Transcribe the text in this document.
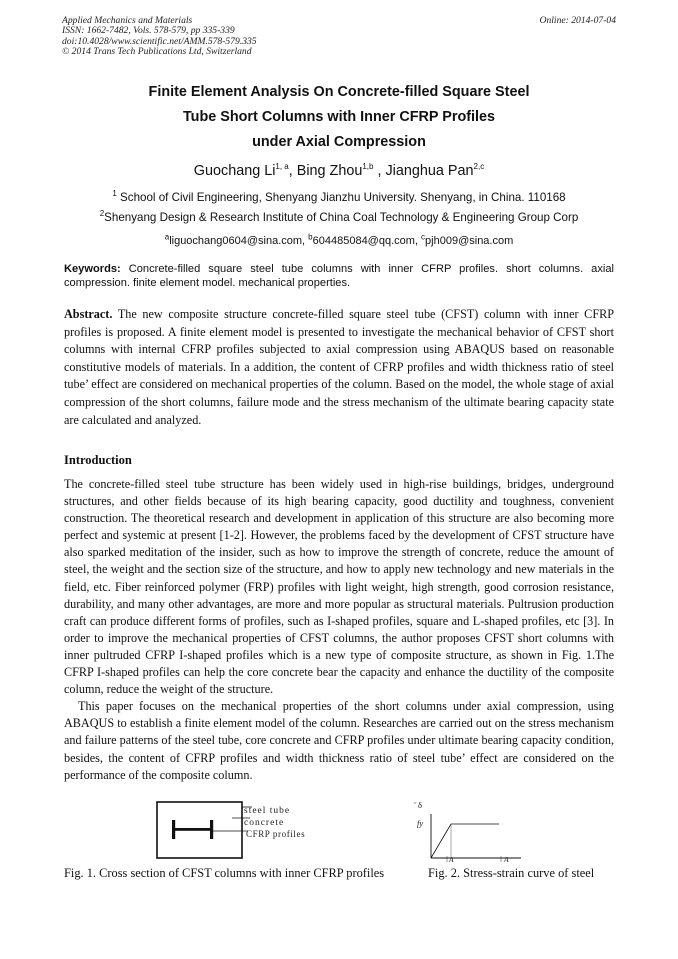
Applied Mechanics and Materials
ISSN: 1662-7482, Vols. 578-579, pp 335-339
doi:10.4028/www.scientific.net/AMM.578-579.335
© 2014 Trans Tech Publications Ltd, Switzerland
Online: 2014-07-04
Finite Element Analysis On Concrete-filled Square Steel
Tube Short Columns with Inner CFRP Profiles
under Axial Compression
Guochang Li$^{1, a}$, Bing Zhou$^{1,b}$ , Jianghua Pan$^{2,c}$
$^1$ School of Civil Engineering, Shenyang Jianzhu University. Shenyang, in China. 110168
$^2$Shenyang Design & Research Institute of China Coal Technology & Engineering Group Corp
$^a$liguochang0604@sina.com, $^b$604485084@qq.com, $^c$pjh009@sina.com
Keywords: Concrete-filled square steel tube columns with inner CFRP profiles. short columns. axial compression. finite element model. mechanical properties.
Abstract. The new composite structure concrete-filled square steel tube (CFST) column with inner CFRP profiles is proposed. A finite element model is presented to investigate the mechanical behavior of CFST short columns with internal CFRP profiles subjected to axial compression using ABAQUS based on reasonable constitutive models of materials. In a addition, the content of CFRP profiles and width thickness ratio of steel tube’ effect are considered on mechanical properties of the column. Based on the model, the whole stage of axial compression of the short columns, failure mode and the stress mechanism of the ultimate bearing capacity state are calculated and analyzed.
Introduction

The concrete-filled steel tube structure has been widely used in high-rise buildings, bridges, underground structures, and other fields because of its high bearing capacity, good ductility and toughness, convenient construction. The theoretical research and development in application of this structure are also becoming more perfect and systemic at present [1-2]. However, the problems faced by the development of CFST structure have also sparked meditation of the insider, such as how to improve the strength of concrete, reduce the amount of steel, the weight and the section size of the structure, and how to apply new technology and new materials in the field, etc. Fiber reinforced polymer (FRP) profiles with light weight, high strength, good corrosion resistance, durability, and many other advantages, are more and more popular as structural materials. Pultrusion production craft can produce different forms of profiles, such as I-shaped profiles, square and L-shaped profiles, etc [3]. In order to improve the mechanical properties of CFST columns, the author proposes CFST short columns with inner pultruded CFRP I-shaped profiles which is a new type of composite structure, as shown in Fig. 1.The CFRP I-shaped profiles can help the core concrete bear the capacity and enhance the ductility of the composite column, reduce the weight of the structure.

This paper focuses on the mechanical properties of the short columns under axial compression, using ABAQUS to establish a finite element model of the column. Researches are carried out on the stress mechanism and failure patterns of the steel tube, core concrete and CFRP profiles under ultimate bearing capacity condition, besides, the content of CFRP profiles and width thickness ratio of steel tube’ effect are considered on the performance of the composite column.

steel tube
concrete
CFRP profiles
δ
fy
A	A
Fig. 1. Cross section of CFST columns with inner CFRP profiles	Fig. 2. Stress-strain curve of steel
